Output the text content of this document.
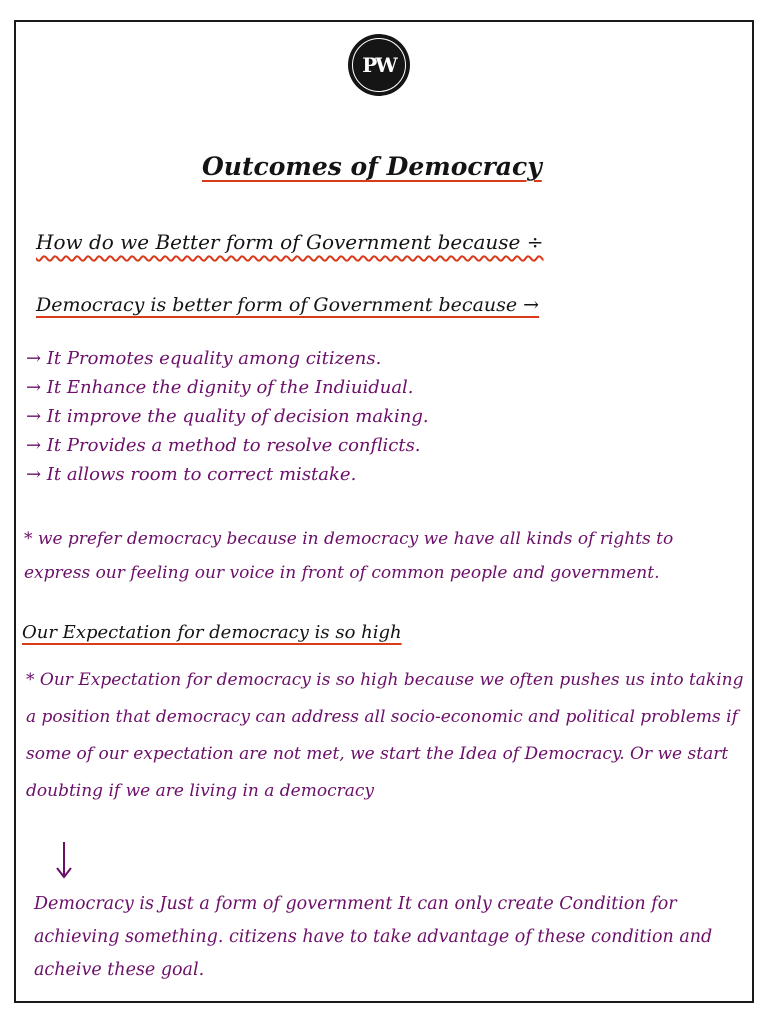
PW
Outcomes of Democracy

How do we Better form of Government because ÷

Democracy is better form of Government because →

→ It Promotes equality among citizens.
→ It Enhance the dignity of the Indiuidual.
→ It improve the quality of decision making.
→ It Provides a method to resolve conflicts.
→ It allows room to correct mistake.

* we prefer democracy because in democracy we have all kinds of rights to express our feeling our voice in front of common people and government.

Our Expectation for democracy is so high

* Our Expectation for democracy is so high because we often pushes us into taking a position that democracy can address all socio-economic and political problems if some of our expectation are not met, we start the Idea of Democracy. Or we start doubting if we are living in a democracy

Democracy is Just a form of government It can only create Condition for achieving something. citizens have to take advantage of these condition and acheive these goal.
